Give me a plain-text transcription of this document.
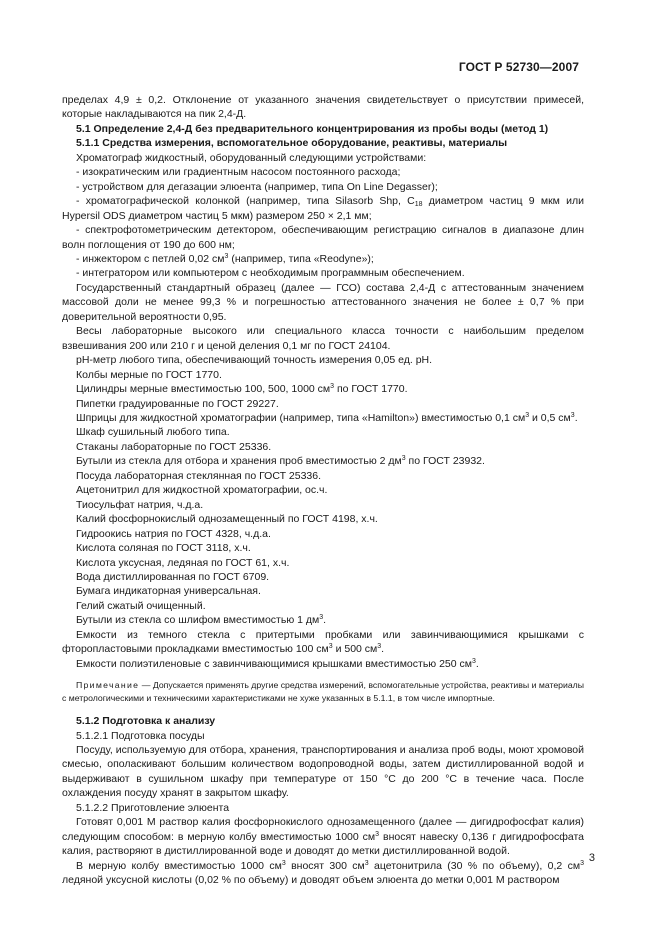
ГОСТ Р 52730—2007

пределах 4,9 ± 0,2. Отклонение от указанного значения свидетельствует о присутствии примесей, которые накладываются на пик 2,4-Д.

5.1 Определение 2,4-Д без предварительного концентрирования из пробы воды (метод 1)

5.1.1 Средства измерения, вспомогательное оборудование, реактивы, материалы

Хроматограф жидкостный, оборудованный следующими устройствами:

- изократическим или градиентным насосом постоянного расхода;

- устройством для дегазации элюента (например, типа On Line Degasser);

- хроматографической колонкой (например, типа Silasorb Shp, $C_{18}$ диаметром частиц 9 мкм или Hypersil ODS диаметром частиц 5 мкм) размером 250 × 2,1 мм;

- спектрофотометрическим детектором, обеспечивающим регистрацию сигналов в диапазоне длин волн поглощения от 190 до 600 нм;

- инжектором с петлей 0,02 $см^3$ (например, типа «Reodyne»);

- интегратором или компьютером с необходимым программным обеспечением.

Государственный стандартный образец (далее — ГСО) состава 2,4-Д с аттестованным значением массовой доли не менее 99,3 % и погрешностью аттестованного значения не более ± 0,7 % при доверительной вероятности 0,95.

Весы лабораторные высокого или специального класса точности с наибольшим пределом взвешивания 200 или 210 г и ценой деления 0,1 мг по ГОСТ 24104.

pH-метр любого типа, обеспечивающий точность измерения 0,05 ед. pH.

Колбы мерные по ГОСТ 1770.

Цилиндры мерные вместимостью 100, 500, 1000 $см^3$ по ГОСТ 1770.

Пипетки градуированные по ГОСТ 29227.

Шприцы для жидкостной хроматографии (например, типа «Hamilton») вместимостью 0,1 $см^3$ и 0,5 $см^3$.

Шкаф сушильный любого типа.

Стаканы лабораторные по ГОСТ 25336.

Бутыли из стекла для отбора и хранения проб вместимостью 2 $дм^3$ по ГОСТ 23932.

Посуда лабораторная стеклянная по ГОСТ 25336.

Ацетонитрил для жидкостной хроматографии, ос.ч.

Тиосульфат натрия, ч.д.а.

Калий фосфорнокислый однозамещенный по ГОСТ 4198, х.ч.

Гидроокись натрия по ГОСТ 4328, ч.д.а.

Кислота соляная по ГОСТ 3118, х.ч.

Кислота уксусная, ледяная по ГОСТ 61, х.ч.

Вода дистиллированная по ГОСТ 6709.

Бумага индикаторная универсальная.

Гелий сжатый очищенный.

Бутыли из стекла со шлифом вместимостью 1 $дм^3$.

Емкости из темного стекла с притертыми пробками или завинчивающимися крышками с фторопластовыми прокладками вместимостью 100 $см^3$ и 500 $см^3$.

Емкости полиэтиленовые с завинчивающимися крышками вместимостью 250 $см^3$.

Примечание — Допускается применять другие средства измерений, вспомогательные устройства, реактивы и материалы с метрологическими и техническими характеристиками не хуже указанных в 5.1.1, в том числе импортные.

5.1.2 Подготовка к анализу

5.1.2.1 Подготовка посуды

Посуду, используемую для отбора, хранения, транспортирования и анализа проб воды, моют хромовой смесью, ополаскивают большим количеством водопроводной воды, затем дистиллированной водой и выдерживают в сушильном шкафу при температуре от 150 °С до 200 °С в течение часа. После охлаждения посуду хранят в закрытом шкафу.

5.1.2.2 Приготовление элюента

Готовят 0,001 М раствор калия фосфорнокислого однозамещенного (далее — дигидрофосфат калия) следующим способом: в мерную колбу вместимостью 1000 $см^3$ вносят навеску 0,136 г дигидрофосфата калия, растворяют в дистиллированной воде и доводят до метки дистиллированной водой.

В мерную колбу вместимостью 1000 $см^3$ вносят 300 $см^3$ ацетонитрила (30 % по объему), 0,2 $см^3$ ледяной уксусной кислоты (0,02 % по объему) и доводят объем элюента до метки 0,001 М раствором

3
